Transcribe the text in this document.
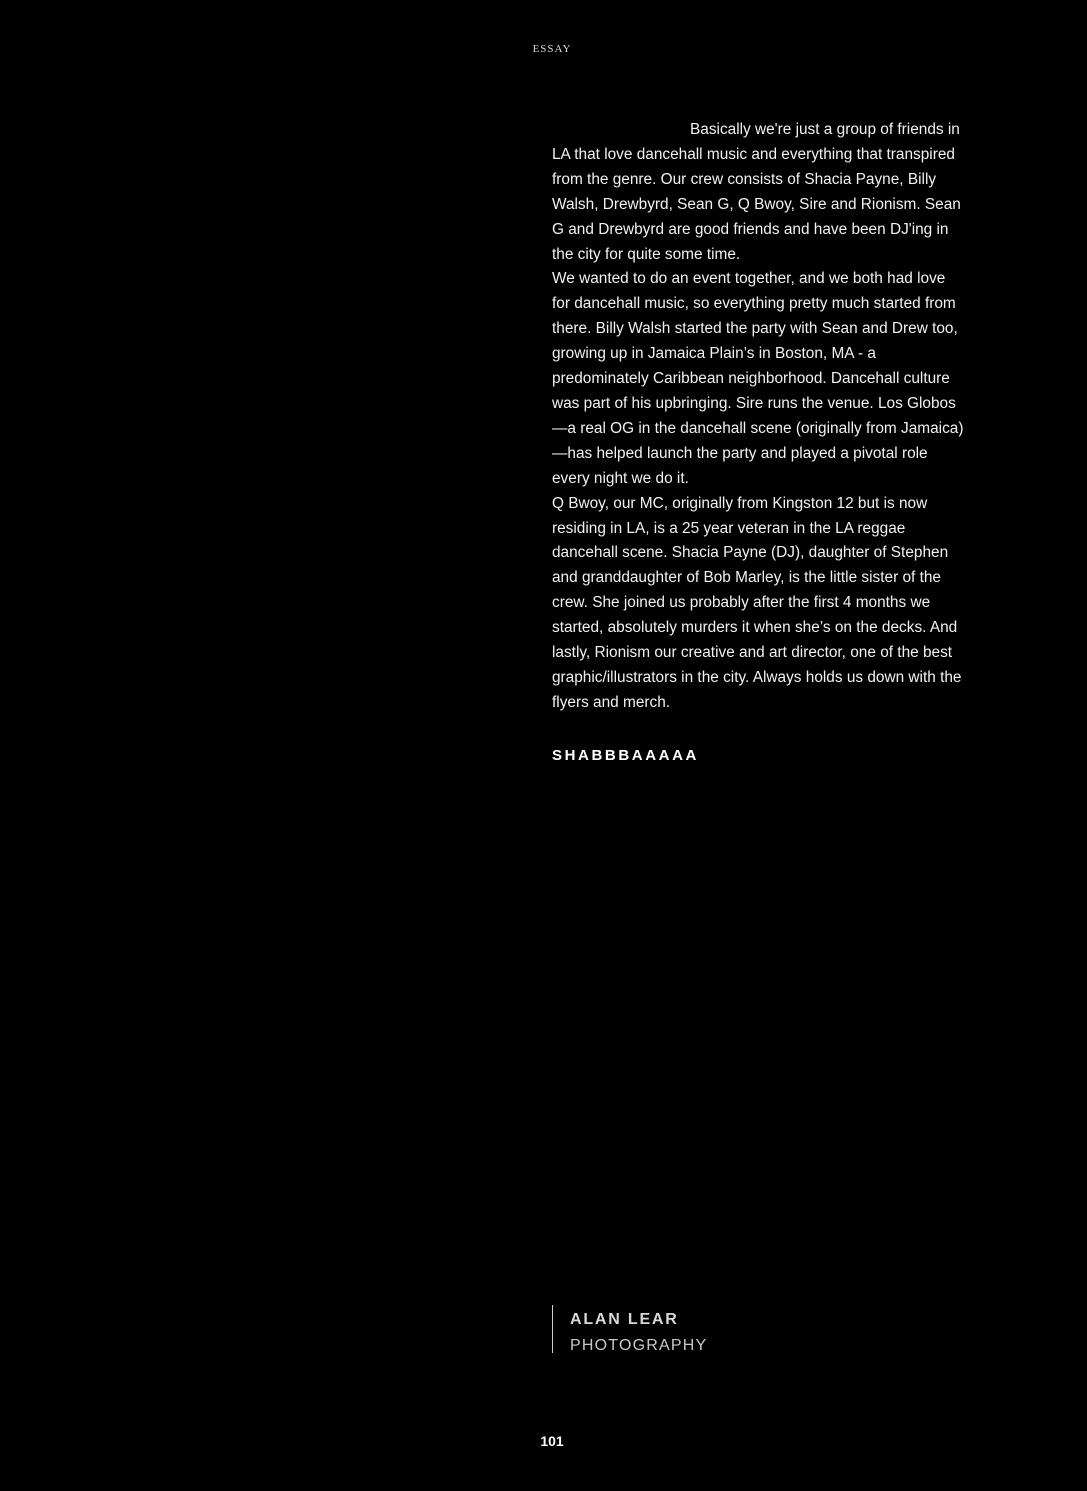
ESSAY

Basically we're just a group of friends in LA that love dancehall music and everything that transpired from the genre. Our crew consists of Shacia Payne, Billy Walsh, Drewbyrd, Sean G, Q Bwoy, Sire and Rionism. Sean G and Drewbyrd are good friends and have been DJ'ing in the city for quite some time.

We wanted to do an event together, and we both had love for dancehall music, so everything pretty much started from there. Billy Walsh started the party with Sean and Drew too, growing up in Jamaica Plain’s in Boston, MA - a predominately Caribbean neighborhood. Dancehall culture was part of his upbringing. Sire runs the venue. Los Globos—a real OG in the dancehall scene (originally from Jamaica)—has helped launch the party and played a pivotal role every night we do it.

Q Bwoy, our MC, originally from Kingston 12 but is now residing in LA, is a 25 year veteran in the LA reggae dancehall scene. Shacia Payne (DJ), daughter of Stephen and granddaughter of Bob Marley, is the little sister of the crew. She joined us probably after the first 4 months we started, absolutely murders it when she’s on the decks. And lastly, Rionism our creative and art director, one of the best graphic/illustrators in the city. Always holds us down with the flyers and merch.

SHABBBAAAAA
ALAN LEAR
PHOTOGRAPHY
101
